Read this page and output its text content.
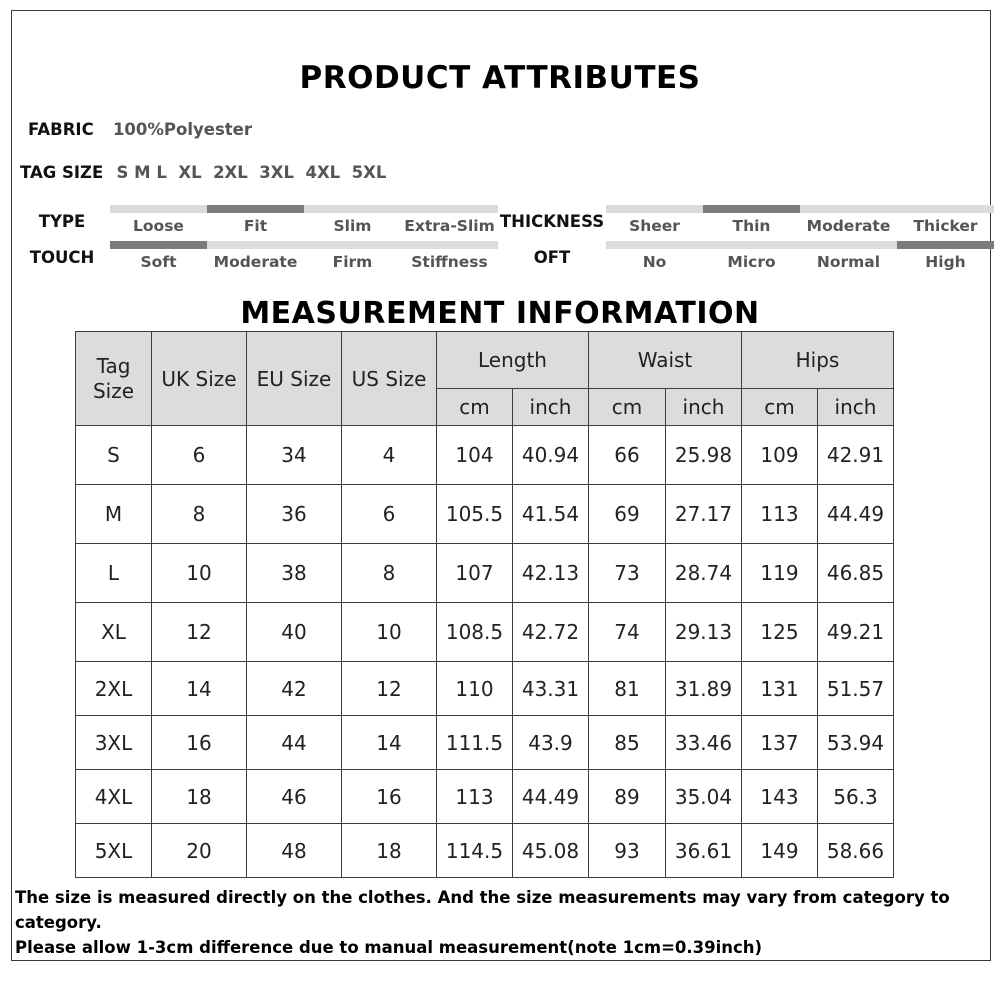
PRODUCT ATTRIBUTES
FABRIC 100%Polyester
TAG SIZE S M L  XL  2XL  3XL  4XL  5XL
TYPE	Loose	Fit	Slim	Extra-Slim THICKNESS	Sheer	Thin	Moderate	Thicker
TOUCH	Soft	Moderate	Firm	Stiffness	OFT	No	Micro	Normal	High
MEASUREMENT INFORMATION
Tag Size	UK Size	EU Size	US Size	Length		Waist		Hips	
				cm	inch	cm	inch	cm	inch
S	6	34	4	104	40.94	66	25.98	109	42.91
M	8	36	6	105.5	41.54	69	27.17	113	44.49
L	10	38	8	107	42.13	73	28.74	119	46.85
XL	12	40	10	108.5	42.72	74	29.13	125	49.21
2XL	14	42	12	110	43.31	81	31.89	131	51.57
3XL	16	44	14	111.5	43.9	85	33.46	137	53.94
4XL	18	46	16	113	44.49	89	35.04	143	56.3
5XL	20	48	18	114.5	45.08	93	36.61	149	58.66
The size is measured directly on the clothes. And the size measurements may vary from category to
category.
Please allow 1-3cm difference due to manual measurement(note 1cm=0.39inch)
